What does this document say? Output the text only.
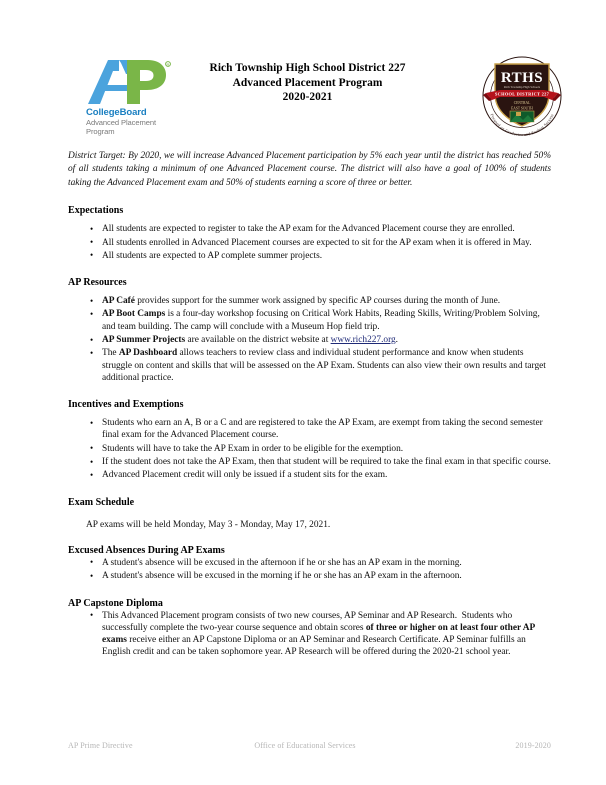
R
CollegeBoard
Advanced Placement
Program
Rich Township High School District 227
Advanced Placement Program
2020-2021
RTHS
Rich Township High Schools
SCHOOL DISTRICT 227
CENTRAL
EAST SOUTH
Focused on Graduates and Student Success

District Target: By 2020, we will increase Advanced Placement participation by 5% each year until the district has reached 50% of all students taking a minimum of one Advanced Placement course. The district will also have a goal of 100% of students taking the Advanced Placement exam and 50% of students earning a score of three or better.

Expectations
• All students are expected to register to take the AP exam for the Advanced Placement course they are enrolled.
• All students enrolled in Advanced Placement courses are expected to sit for the AP exam when it is offered in May.
• All students are expected to AP complete summer projects.
AP Resources
• AP Café provides support for the summer work assigned by specific AP courses during the month of June.
• AP Boot Camps is a four-day workshop focusing on Critical Work Habits, Reading Skills, Writing/Problem Solving, and team building. The camp will conclude with a Museum Hop field trip.
• AP Summer Projects are available on the district website at www.rich227.org.
• The AP Dashboard allows teachers to review class and individual student performance and know when students struggle on content and skills that will be assessed on the AP Exam. Students can also view their own results and target additional practice.
Incentives and Exemptions
• Students who earn an A, B or a C and are registered to take the AP Exam, are exempt from taking the second semester final exam for the Advanced Placement course.
• Students will have to take the AP Exam in order to be eligible for the exemption.
• If the student does not take the AP Exam, then that student will be required to take the final exam in that specific course.
• Advanced Placement credit will only be issued if a student sits for the exam.
Exam Schedule

AP exams will be held Monday, May 3 - Monday, May 17, 2021.

Excused Absences During AP Exams
• A student's absence will be excused in the afternoon if he or she has an AP exam in the morning.
• A student's absence will be excused in the morning if he or she has an AP exam in the afternoon.
AP Capstone Diploma
• This Advanced Placement program consists of two new courses, AP Seminar and AP Research.  Students who successfully complete the two-year course sequence and obtain scores of three or higher on at least four other AP exams receive either an AP Capstone Diploma or an AP Seminar and Research Certificate. AP Seminar fulfills an English credit and can be taken sophomore year. AP Research will be offered during the 2020-21 school year.
AP Prime Directive	Office of Educational Services	2019-2020
